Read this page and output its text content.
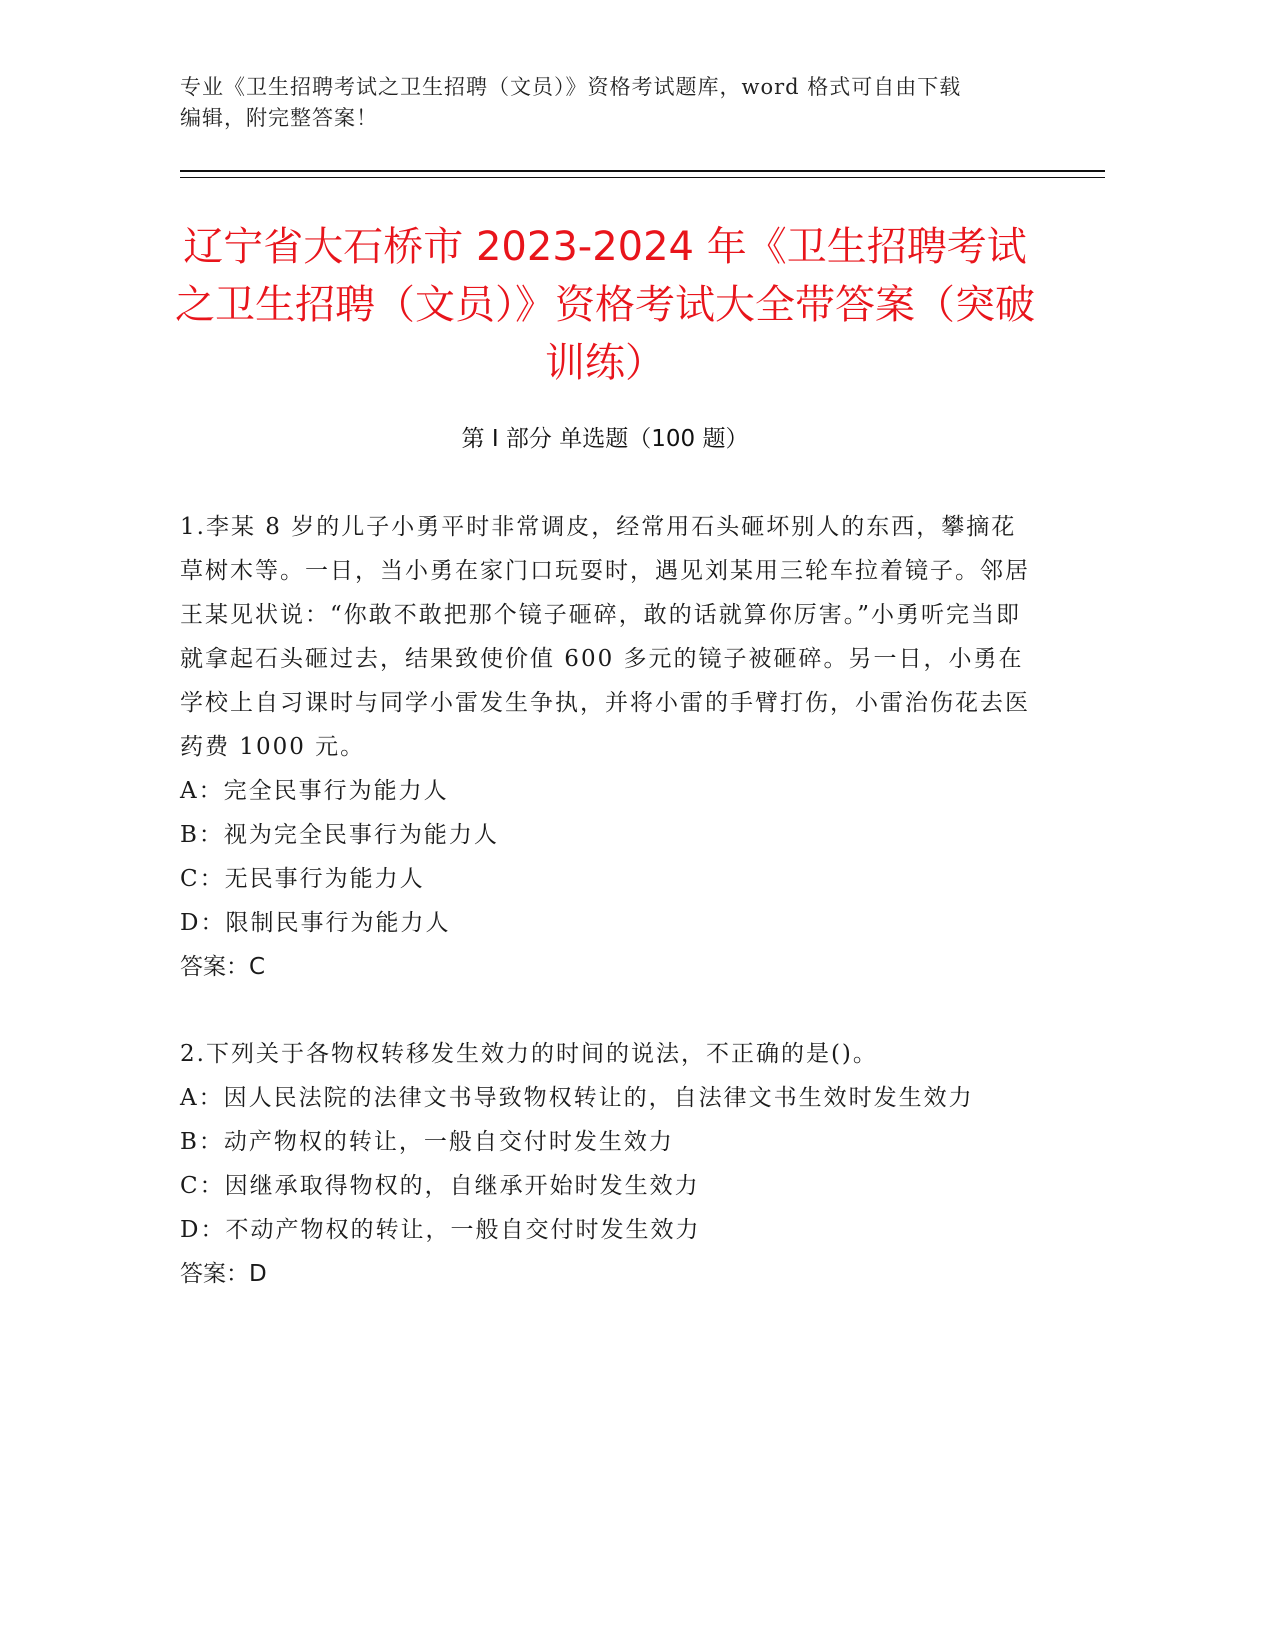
专业《卫生招聘考试之卫生招聘（文员）》资格考试题库，word 格式可自由下载
编辑，附完整答案！
辽宁省大石桥市 2023-2024 年《卫生招聘考试之卫生招聘（文员）》资格考试大全带答案（突破训练）
第 I 部分 单选题（100 题）

1.李某 8 岁的儿子小勇平时非常调皮，经常用石头砸坏别人的东西，攀摘花草树木等。一日，当小勇在家门口玩耍时，遇见刘某用三轮车拉着镜子。邻居王某见状说：“你敢不敢把那个镜子砸碎，敢的话就算你厉害。”小勇听完当即就拿起石头砸过去，结果致使价值 600 多元的镜子被砸碎。另一日，小勇在学校上自习课时与同学小雷发生争执，并将小雷的手臂打伤，小雷治伤花去医药费 1000 元。

A：完全民事行为能力人

B：视为完全民事行为能力人

C：无民事行为能力人

D：限制民事行为能力人

答案：C

2.下列关于各物权转移发生效力的时间的说法，不正确的是()。

A：因人民法院的法律文书导致物权转让的，自法律文书生效时发生效力

B：动产物权的转让，一般自交付时发生效力

C：因继承取得物权的，自继承开始时发生效力

D：不动产物权的转让，一般自交付时发生效力

答案：D
